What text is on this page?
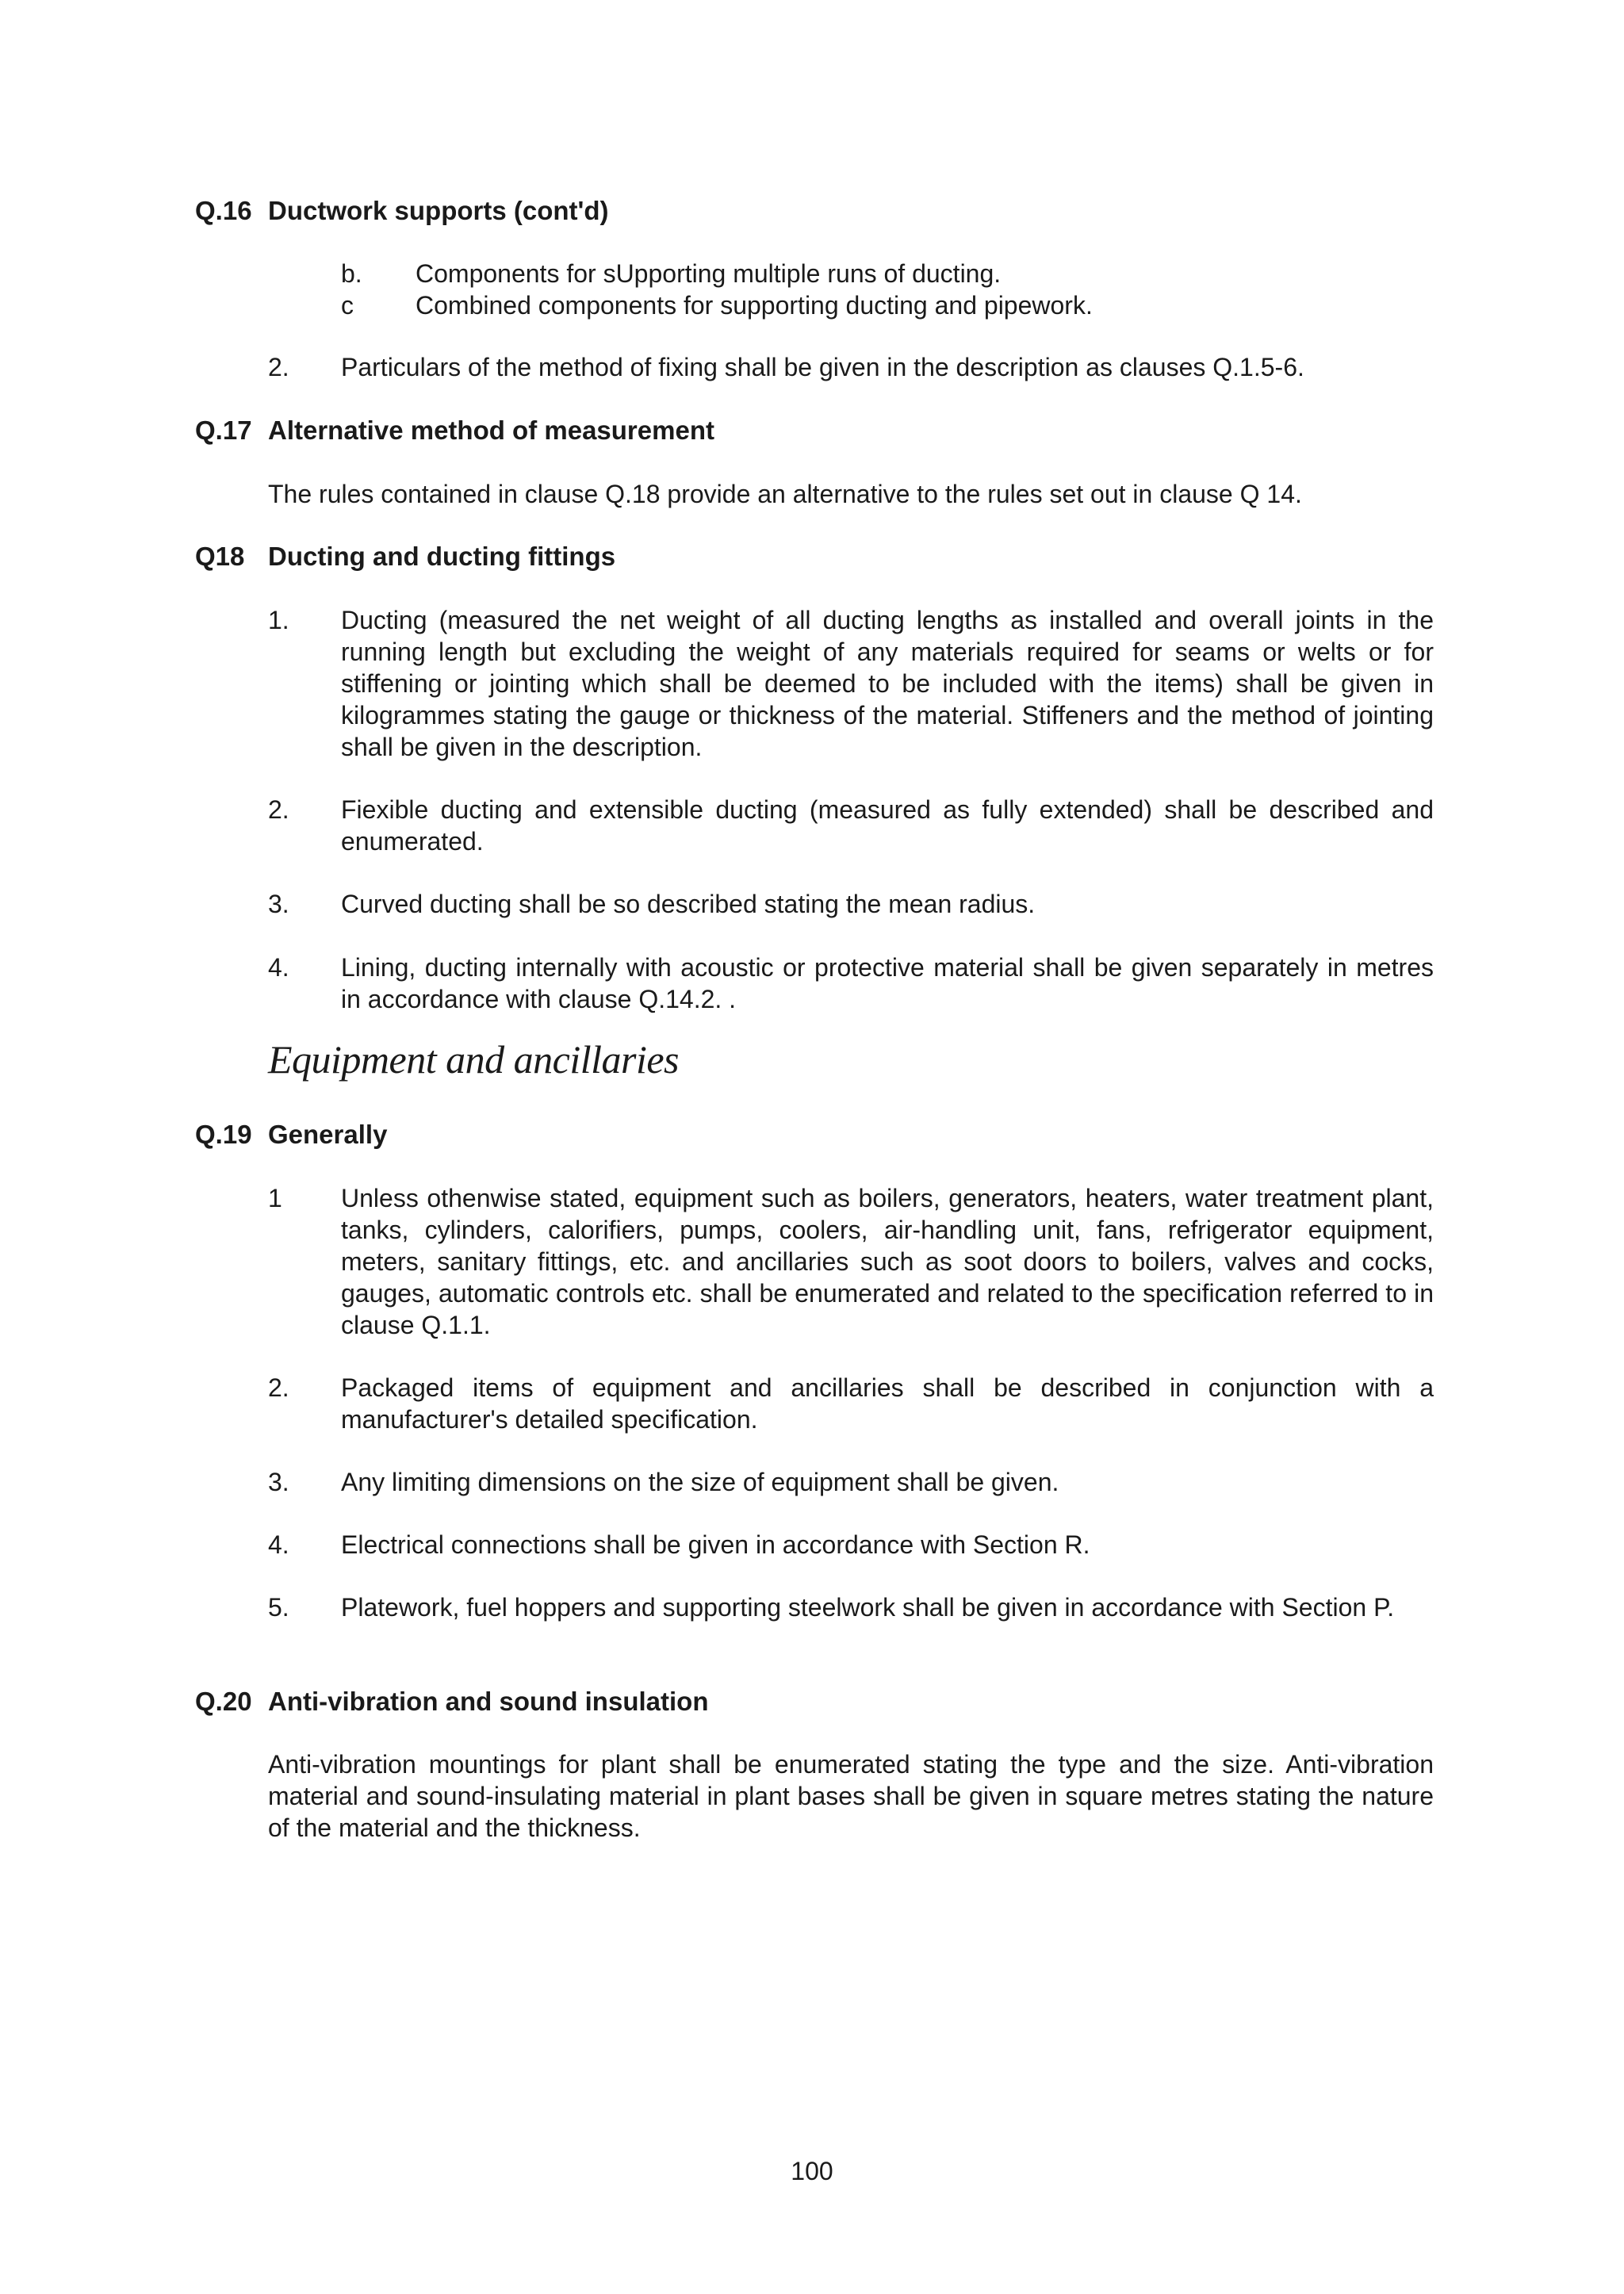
Q.16 Ductwork supports (cont'd)
b. Components for sUpporting multiple runs of ducting.
c Combined components for supporting ducting and pipework.
2. Particulars of the method of fixing shall be given in the description as clauses Q.1.5-6.
Q.17 Alternative method of measurement
The rules contained in clause Q.18 provide an alternative to the rules set out in clause Q 14.
Q18 Ducting and ducting fittings
1. Ducting (measured the net weight of all ducting lengths as installed and overall joints in the running length but excluding the weight of any materials required for seams or welts or for stiffening or jointing which shall be deemed to be included with the items) shall be given in kilogrammes stating the gauge or thickness of the material. Stiffeners and the method of jointing shall be given in the description.
2. Fiexible ducting and extensible ducting (measured as fully extended) shall be described and enumerated.
3. Curved ducting shall be so described stating the mean radius.
4. Lining, ducting internally with acoustic or protective material shall be given separately in metres in accordance with clause Q.14.2. .
Equipment and ancillaries
Q.19 Generally
1 Unless othenwise stated, equipment such as boilers, generators, heaters, water treatment plant, tanks, cylinders, calorifiers, pumps, coolers, air-handling unit, fans, refrigerator equipment, meters, sanitary fittings, etc. and ancillaries such as soot doors to boilers, valves and cocks, gauges, automatic controls etc. shall be enumerated and related to the specification referred to in clause Q.1.1.
2. Packaged items of equipment and ancillaries shall be described in conjunction with a manufacturer's detailed specification.
3. Any limiting dimensions on the size of equipment shall be given.
4. Electrical connections shall be given in accordance with Section R.
5. Platework, fuel hoppers and supporting steelwork shall be given in accordance with Section P.
Q.20 Anti-vibration and sound insulation
Anti-vibration mountings for plant shall be enumerated stating the type and the size. Anti-vibration material and sound-insulating material in plant bases shall be given in square metres stating the nature of the material and the thickness.
100
